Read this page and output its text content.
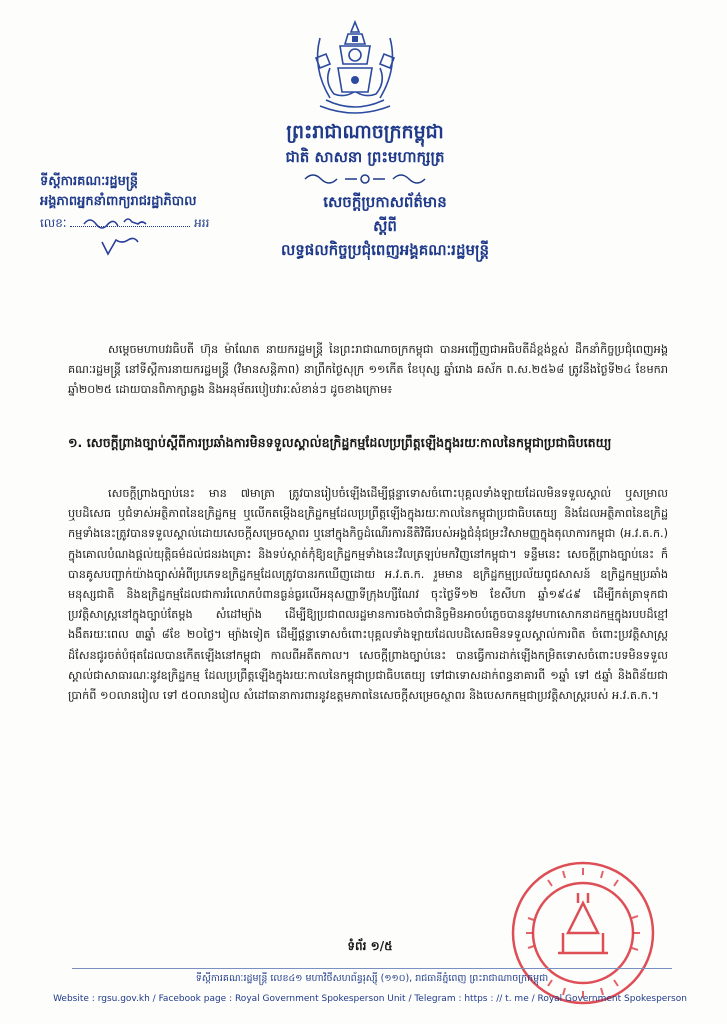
ព្រះរាជាណាចក្រកម្ពុជា
ជាតិ សាសនា ព្រះមហាក្សត្រ
ទីស្ដីការគណៈរដ្ឋមន្ត្រី
អង្គភាពអ្នកនាំពាក្យរាជរដ្ឋាភិបាល
លេខៈ	អររ
សេចក្ដីប្រកាសព័ត៌មាន
ស្ដីពី
លទ្ធផលកិច្ចប្រជុំពេញអង្គគណៈរដ្ឋមន្ត្រី

សម្ដេចមហាបវរធិបតី ហ៊ុន ម៉ាណែត នាយករដ្ឋមន្ត្រី នៃព្រះរាជាណាចក្រកម្ពុជា បានអញ្ជើញជាអធិបតីដ៏ខ្ពង់ខ្ពស់ ដឹកនាំកិច្ចប្រជុំពេញអង្គគណៈរដ្ឋមន្ត្រី នៅទីស្ដីការនាយករដ្ឋមន្ត្រី (វិមានសន្តិភាព) នាព្រឹកថ្ងៃសុក្រ ១១កើត ខែបុស្ស ឆ្នាំរោង ឆស័ក ព.ស.២៥៦៨ ត្រូវនឹងថ្ងៃទី២៤ ខែមករា ឆ្នាំ២០២៥ ដោយបានពិភាក្សាឆ្លង និងអនុម័តរបៀបវារៈសំខាន់ៗ ដូចខាងក្រោម៖

១. សេចក្ដីព្រាងច្បាប់ស្ដីពីការប្រឆាំងការមិនទទួលស្គាល់ឧក្រិដ្ឋកម្មដែលប្រព្រឹត្តឡើងក្នុងរយៈកាលនៃកម្ពុជាប្រជាធិបតេយ្យ
សេចក្ដីព្រាងច្បាប់នេះ មាន ៧មាត្រា ត្រូវបានរៀបចំឡើងដើម្បីផ្ដន្ទាទោសចំពោះបុគ្គលទាំងឡាយដែលមិនទទួលស្គាល់ ឬសម្រាល ឬបដិសេធ ឬជំទាស់អត្ថិភាពនៃឧក្រិដ្ឋកម្ម ឬលើកតម្កើងឧក្រិដ្ឋកម្មដែលប្រព្រឹត្តឡើងក្នុងរយៈកាលនៃកម្ពុជាប្រជាធិបតេយ្យ និងដែលអត្ថិភាពនៃឧក្រិដ្ឋកម្មទាំងនេះត្រូវបានទទួលស្គាល់ដោយសេចក្ដីសម្រេចស្ថាពរ ឬនៅក្នុងកិច្ចដំណើរការនីតិវិធីរបស់អង្គជំនុំជម្រះវិសាមញ្ញក្នុងតុលាការកម្ពុជា (អ.វ.ត.ក.) ក្នុងគោលបំណងផ្ដល់យុត្តិធម៌ដល់ជនរងគ្រោះ និងទប់ស្កាត់កុំឱ្យឧក្រិដ្ឋកម្មទាំងនេះវិលត្រឡប់មកវិញនៅកម្ពុជា។ ទន្ទឹមនេះ សេចក្ដីព្រាងច្បាប់នេះ ក៏បានគូសបញ្ជាក់យ៉ាងច្បាស់អំពីប្រភេទឧក្រិដ្ឋកម្មដែលត្រូវបានរកឃើញដោយ អ.វ.ត.ក. រួមមាន ឧក្រិដ្ឋកម្មប្រល័យពូជសាសន៍ ឧក្រិដ្ឋកម្មប្រឆាំងមនុស្សជាតិ និងឧក្រិដ្ឋកម្មដែលជាការរំលោភបំពានធ្ងន់ធ្ងរលើអនុសញ្ញាទីក្រុងហ្សឺណែវ ចុះថ្ងៃទី១២ ខែសីហា ឆ្នាំ១៩៤៩ ដើម្បីកត់ត្រាទុកជាប្រវត្តិសាស្ត្រនៅក្នុងច្បាប់តែម្ដង សំដៅម្យ៉ាង ដើម្បីឱ្យប្រជាពលរដ្ឋមានការចងចាំជានិច្ចមិនអាចបំភ្លេចបាននូវមហាសោកនាដកម្មក្នុងរបបដ៏ខ្មៅងងឹតរយៈពេល ៣ឆ្នាំ ៨ខែ ២០ថ្ងៃ។ ម្យ៉ាងទៀត ដើម្បីផ្ដន្ទាទោសចំពោះបុគ្គលទាំងឡាយដែលបដិសេធមិនទទួលស្គាល់ការពិត ចំពោះប្រវត្តិសាស្ត្រដ៏សែនជូរចត់បំផុតដែលបានកើតឡើងនៅកម្ពុជា កាលពីអតីតកាល។ សេចក្ដីព្រាងច្បាប់នេះ បានធ្វើការដាក់ឡើងកម្រិតទោសចំពោះបទមិនទទួលស្គាល់ជាសាធារណៈនូវឧក្រិដ្ឋកម្ម ដែលប្រព្រឹត្តឡើងក្នុងរយៈកាលនៃកម្ពុជាប្រជាធិបតេយ្យ ទៅជាទោសដាក់ពន្ធនាគារពី ១ឆ្នាំ ទៅ ៥ឆ្នាំ និងពិន័យជាប្រាក់ពី ១០លានរៀល ទៅ ៥០លានរៀល សំដៅធានាការពារនូវឧត្តមភាពនៃសេចក្ដីសម្រេចស្ថាពរ និងបេសកកម្មជាប្រវត្តិសាស្ត្ររបស់ អ.វ.ត.ក.។
ទំព័រ ១/៥
ទីស្ដីការគណៈរដ្ឋមន្ត្រី លេខ៤១ មហាវិថីសហព័ន្ធរុស្ស៊ី (១១០), រាជធានីភ្នំពេញ ព្រះរាជាណាចក្រកម្ពុជា
Website : rgsu.gov.kh / Facebook page : Royal Government Spokesperson Unit / Telegram : https : // t. me / Royal Government Spokesperson
